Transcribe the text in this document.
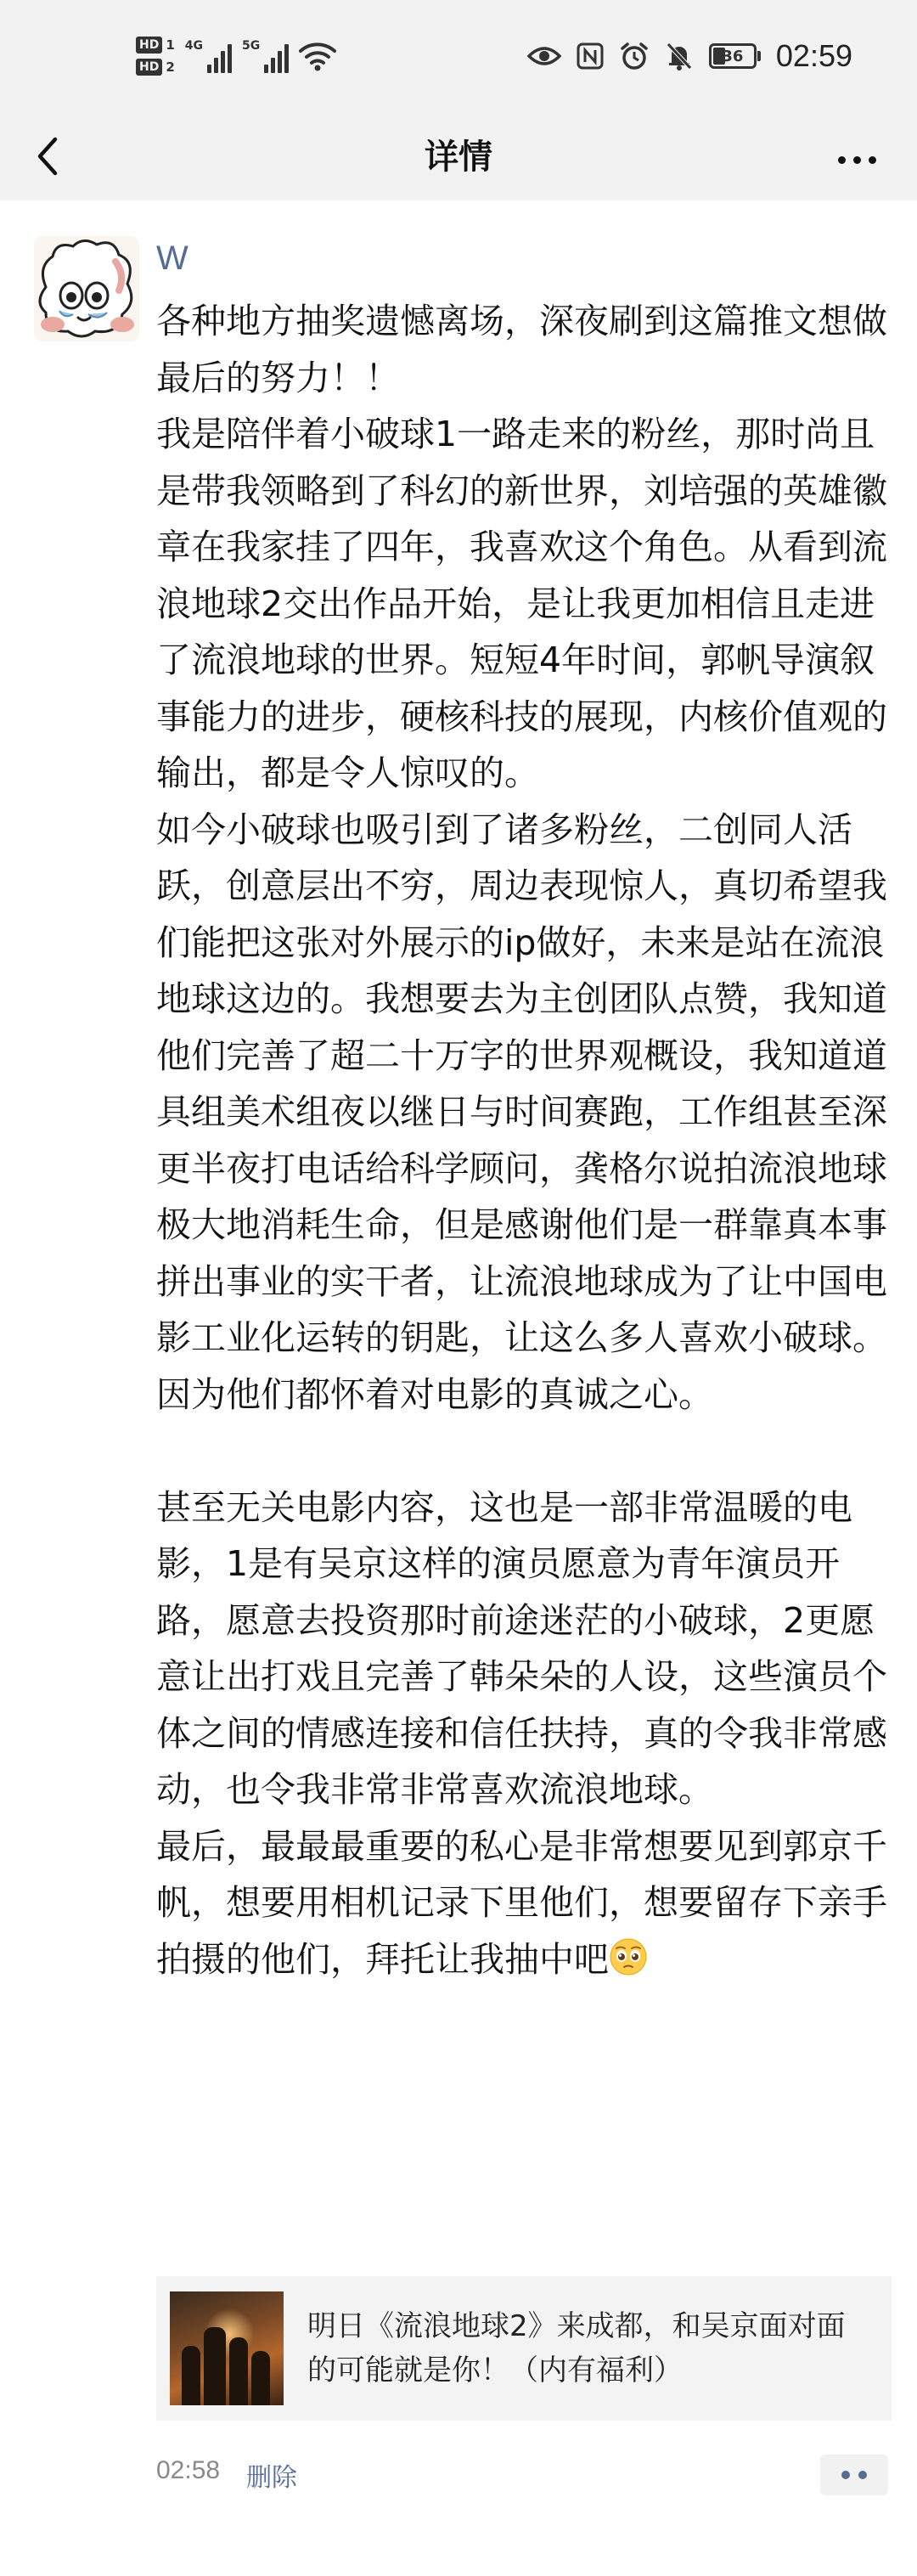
HD 1
HD 2
4G	5G
36 02:59
详情
W
各种地方抽奖遗憾离场，深夜刷到这篇推文想做最后的努力！！
我是陪伴着小破球1一路走来的粉丝，那时尚且是带我领略到了科幻的新世界，刘培强的英雄徽章在我家挂了四年，我喜欢这个角色。从看到流浪地球2交出作品开始，是让我更加相信且走进了流浪地球的世界。短短4年时间，郭帆导演叙事能力的进步，硬核科技的展现，内核价值观的输出，都是令人惊叹的。
如今小破球也吸引到了诸多粉丝，二创同人活跃，创意层出不穷，周边表现惊人，真切希望我们能把这张对外展示的ip做好，未来是站在流浪地球这边的。我想要去为主创团队点赞，我知道他们完善了超二十万字的世界观概设，我知道道具组美术组夜以继日与时间赛跑，工作组甚至深更半夜打电话给科学顾问，龚格尔说拍流浪地球极大地消耗生命，但是感谢他们是一群靠真本事拼出事业的实干者，让流浪地球成为了让中国电影工业化运转的钥匙，让这么多人喜欢小破球。
因为他们都怀着对电影的真诚之心。

甚至无关电影内容，这也是一部非常温暖的电影，1是有吴京这样的演员愿意为青年演员开路，愿意去投资那时前途迷茫的小破球，2更愿意让出打戏且完善了韩朵朵的人设，这些演员个体之间的情感连接和信任扶持，真的令我非常感动，也令我非常非常喜欢流浪地球。
最后，最最最重要的私心是非常想要见到郭京千帆，想要用相机记录下里他们，想要留存下亲手拍摄的他们，拜托让我抽中吧
明日《流浪地球2》来成都，和吴京面对面的可能就是你！（内有福利）
02:58 删除
